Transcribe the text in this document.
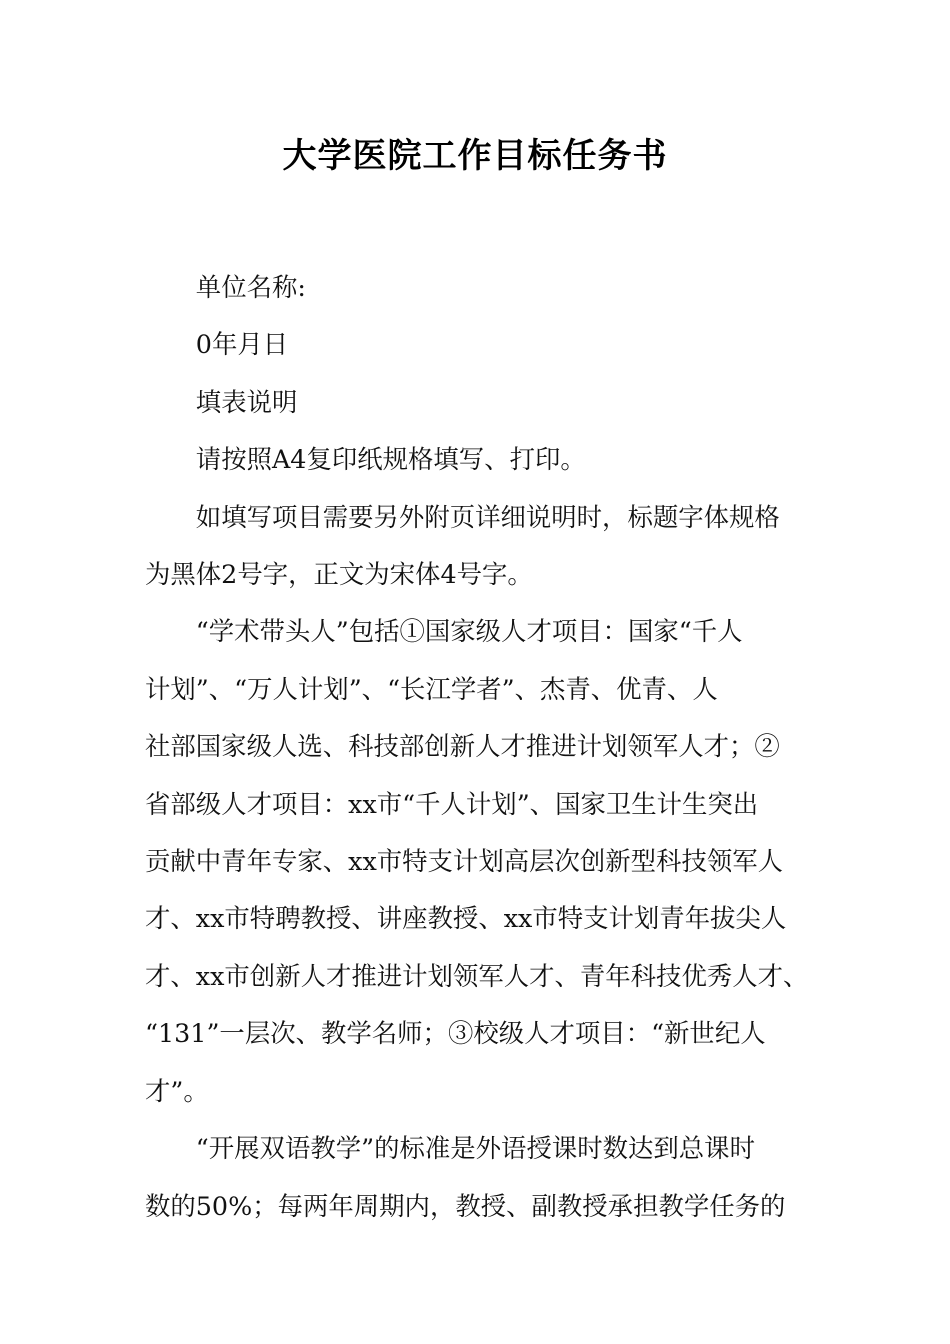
大学医院工作目标任务书

单位名称:

0年月日

填表说明

请按照A4复印纸规格填写、打印。

如填写项目需要另外附页详细说明时，标题字体规格

为黑体2号字，正文为宋体4号字。

“学术带头人”包括①国家级人才项目：国家“千人

计划”、“万人计划”、“长江学者”、杰青、优青、人

社部国家级人选、科技部创新人才推进计划领军人才；②

省部级人才项目：xx市“千人计划”、国家卫生计生突出

贡献中青年专家、xx市特支计划高层次创新型科技领军人

才、xx市特聘教授、讲座教授、xx市特支计划青年拔尖人

才、xx市创新人才推进计划领军人才、青年科技优秀人才、

“131”一层次、教学名师；③校级人才项目：“新世纪人

才”。

“开展双语教学”的标准是外语授课时数达到总课时

数的50%；每两年周期内，教授、副教授承担教学任务的
